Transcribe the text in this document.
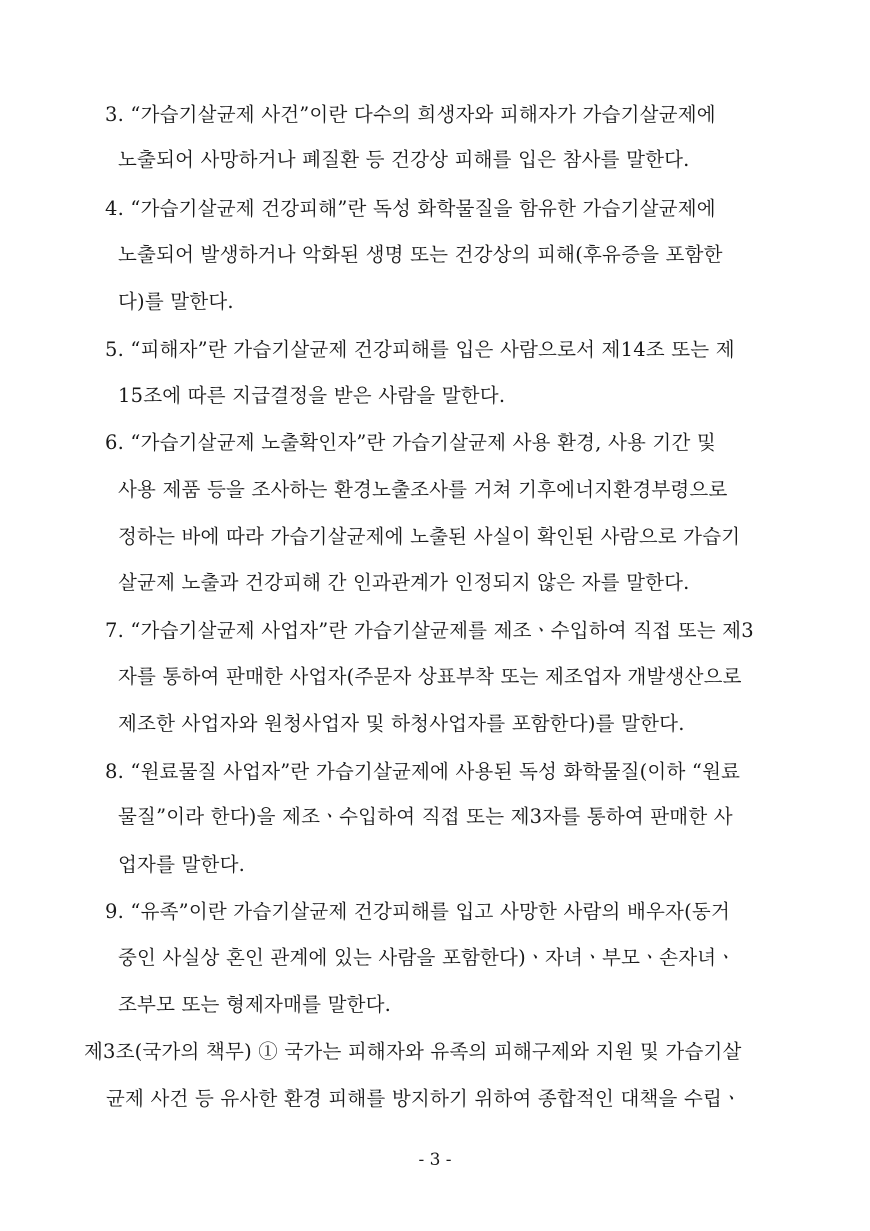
3. “가습기살균제 사건”이란 다수의 희생자와 피해자가 가습기살균제에
노출되어 사망하거나 폐질환 등 건강상 피해를 입은 참사를 말한다.
4. “가습기살균제 건강피해”란 독성 화학물질을 함유한 가습기살균제에
노출되어 발생하거나 악화된 생명 또는 건강상의 피해(후유증을 포함한
다)를 말한다.
5. “피해자”란 가습기살균제 건강피해를 입은 사람으로서 제14조 또는 제
15조에 따른 지급결정을 받은 사람을 말한다.
6. “가습기살균제 노출확인자”란 가습기살균제 사용 환경, 사용 기간 및
사용 제품 등을 조사하는 환경노출조사를 거쳐 기후에너지환경부령으로
정하는 바에 따라 가습기살균제에 노출된 사실이 확인된 사람으로 가습기
살균제 노출과 건강피해 간 인과관계가 인정되지 않은 자를 말한다.
7. “가습기살균제 사업자”란 가습기살균제를 제조ㆍ수입하여 직접 또는 제3
자를 통하여 판매한 사업자(주문자 상표부착 또는 제조업자 개발생산으로
제조한 사업자와 원청사업자 및 하청사업자를 포함한다)를 말한다.
8. “원료물질 사업자”란 가습기살균제에 사용된 독성 화학물질(이하 “원료
물질”이라 한다)을 제조ㆍ수입하여 직접 또는 제3자를 통하여 판매한 사
업자를 말한다.
9. “유족”이란 가습기살균제 건강피해를 입고 사망한 사람의 배우자(동거
중인 사실상 혼인 관계에 있는 사람을 포함한다)ㆍ자녀ㆍ부모ㆍ손자녀ㆍ
조부모 또는 형제자매를 말한다.
제3조(국가의 책무) ① 국가는 피해자와 유족의 피해구제와 지원 및 가습기살
균제 사건 등 유사한 환경 피해를 방지하기 위하여 종합적인 대책을 수립ㆍ
- 3 -
